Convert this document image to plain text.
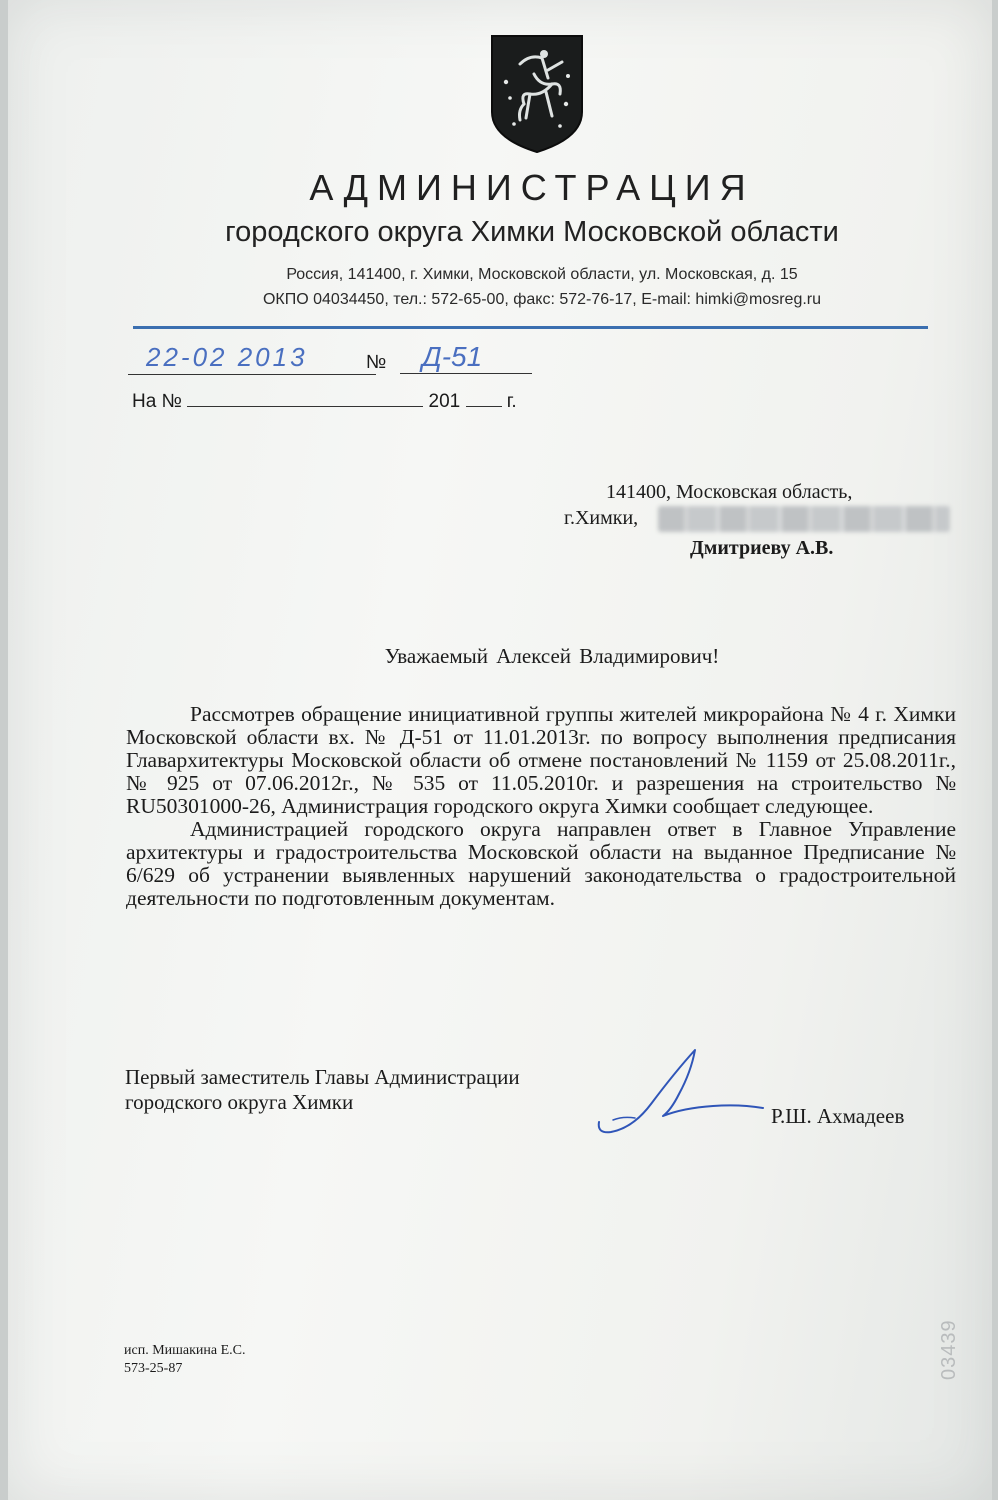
АДМИНИСТРАЦИЯ
городского округа Химки Московской области
Россия, 141400, г. Химки, Московской области, ул. Московская, д. 15
ОКПО 04034450, тел.: 572-65-00, факс: 572-76-17, E-mail: himki@mosreg.ru
22-02 2013	№	Д-51
На №	201 г.
141400, Московская область,
г.Химки,
Дмитриеву А.В.
Уважаемый Алексей Владимирович!

Рассмотрев обращение инициативной группы жителей микрорайона № 4 г. Химки Московской области вх. № Д-51 от 11.01.2013г. по вопросу выполнения предписания Главархитектуры Московской области об отмене постановлений № 1159 от 25.08.2011г., № 925 от 07.06.2012г., № 535 от 11.05.2010г. и разрешения на строительство № RU50301000-26, Администрация городского округа Химки сообщает следующее.

Администрацией городского округа направлен ответ в Главное Управление архитектуры и градостроительства Московской области на выданное Предписание № 6/629 об устранении выявленных нарушений законодательства о градостроительной деятельности по подготовленным документам.

Первый заместитель Главы Администрации
городского округа Химки
Р.Ш. Ахмадеев
исп. Мишакина Е.С.
573-25-87	03439
